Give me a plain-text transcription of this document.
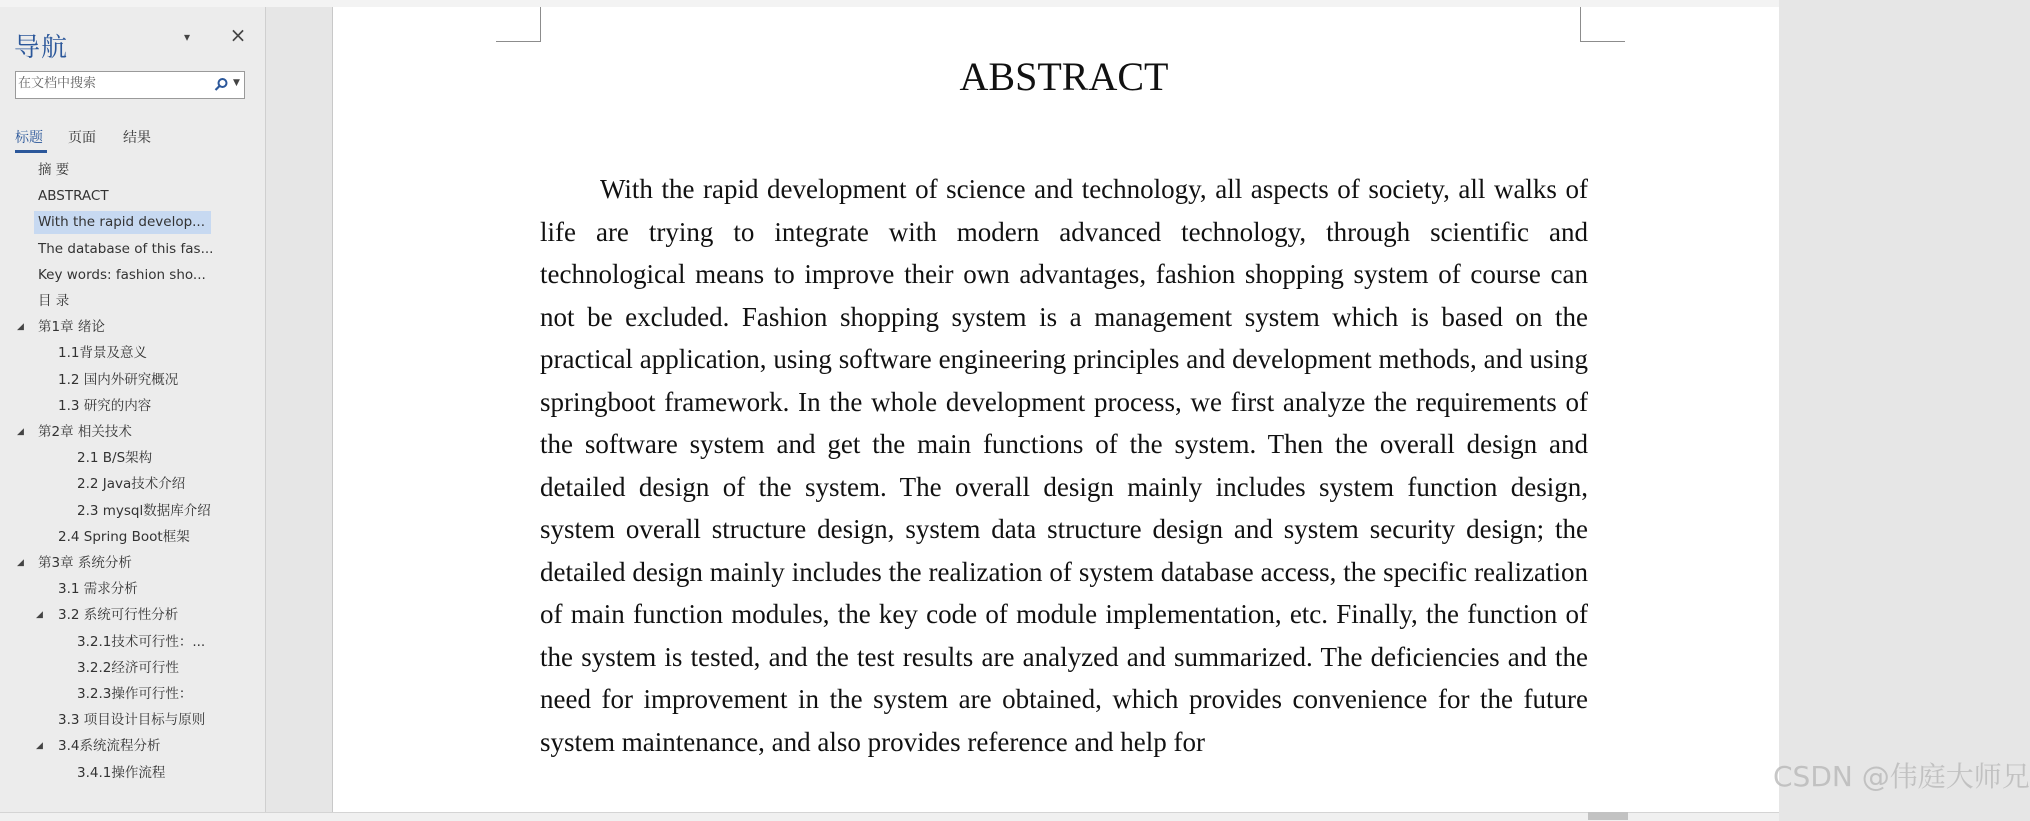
导航	▾ ×
在文档中搜索
▼
标题 页面 结果
摘 要
ABSTRACT
With the rapid develop...
The database of this fas...
Key words: fashion sho...
目 录
◢ 第1章 绪论
1.1背景及意义
1.2 国内外研究概况
1.3 研究的内容
◢ 第2章 相关技术
2.1 B/S架构
2.2 Java技术介绍
2.3 mysql数据库介绍
2.4 Spring Boot框架
◢ 第3章 系统分析
3.1 需求分析
◢ 3.2 系统可行性分析
3.2.1技术可行性：...
3.2.2经济可行性
3.2.3操作可行性：
3.3 项目设计目标与原则
◢ 3.4系统流程分析
3.4.1操作流程
ABSTRACT

With the rapid development of science and technology, all aspects of society, all walks of life are trying to integrate with modern advanced technology, through scientific and technological means to improve their own advantages, fashion shopping system of course can not be excluded. Fashion shopping system is a management system which is based on the practical application, using software engineering principles and development methods, and using springboot framework. In the whole development process, we first analyze the requirements of the software system and get the main functions of the system. Then the overall design and detailed design of the system. The overall design mainly includes system function design, system overall structure design, system data structure design and system security design; the detailed design mainly includes the realization of system database access, the specific realization of main function modules, the key code of module implementation, etc. Finally, the function of the system is tested, and the test results are analyzed and summarized. The deficiencies and the need for improvement in the system are obtained, which provides convenience for the future system maintenance, and also provides reference and help for

CSDN @伟庭大师兄
